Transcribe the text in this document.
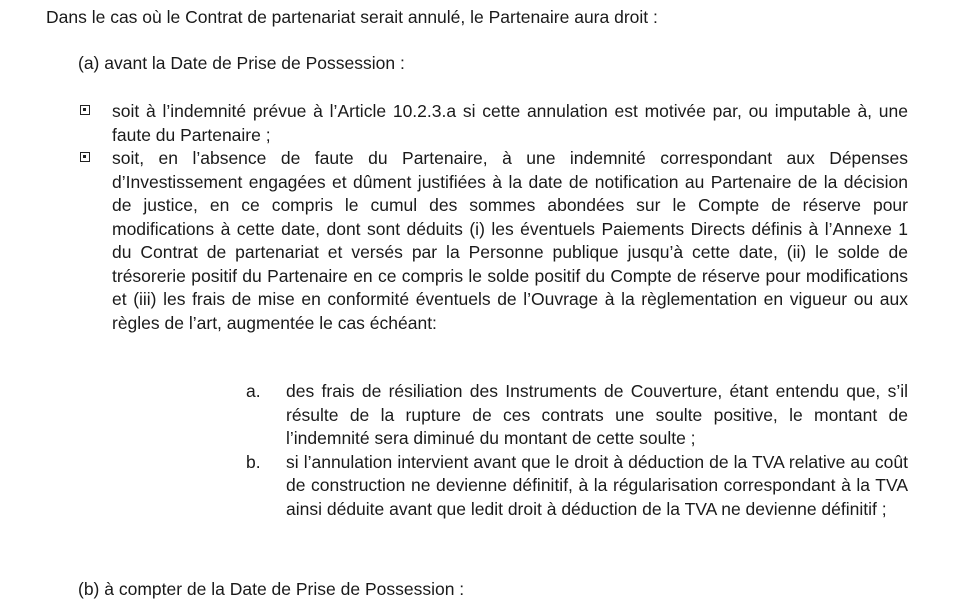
Dans le cas où le Contrat de partenariat serait annulé, le Partenaire aura droit :
(a) avant la Date de Prise de Possession :
soit à l’indemnité prévue à l’Article 10.2.3.a si cette annulation est motivée par, ou imputable à, une faute du Partenaire ;
soit, en l’absence de faute du Partenaire, à une indemnité correspondant aux Dépenses d’Investissement engagées et dûment justifiées à la date de notification au Partenaire de la décision de justice, en ce compris le cumul des sommes abondées sur le Compte de réserve pour modifications à cette date, dont sont déduits (i) les éventuels Paiements Directs définis à l’Annexe 1 du Contrat de partenariat et versés par la Personne publique jusqu’à cette date, (ii) le solde de trésorerie positif du Partenaire en ce compris le solde positif du Compte de réserve pour modifications et (iii) les frais de mise en conformité éventuels de l’Ouvrage à la règlementation en vigueur ou aux règles de l’art, augmentée le cas échéant:
a. des frais de résiliation des Instruments de Couverture, étant entendu que, s’il résulte de la rupture de ces contrats une soulte positive, le montant de l’indemnité sera diminué du montant de cette soulte ;
b. si l’annulation intervient avant que le droit à déduction de la TVA relative au coût de construction ne devienne définitif, à la régularisation correspondant à la TVA ainsi déduite avant que ledit droit à déduction de la TVA ne devienne définitif ;
(b) à compter de la Date de Prise de Possession :
